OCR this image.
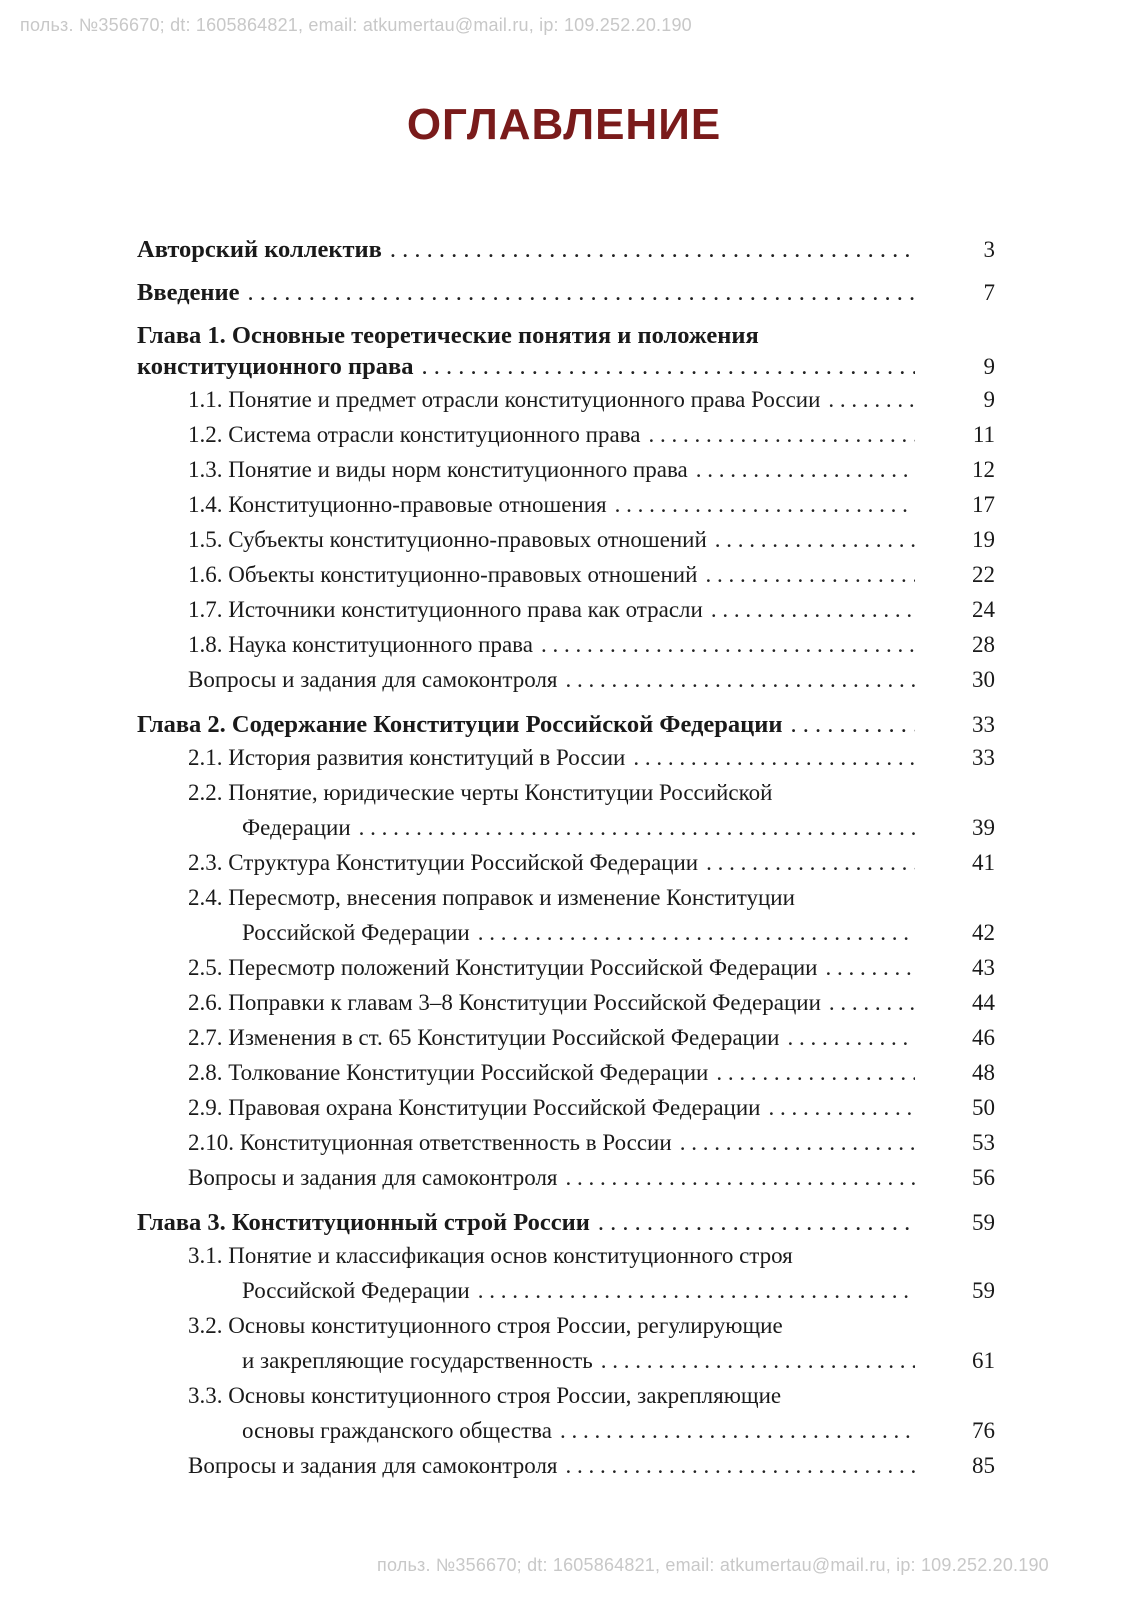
польз. №356670; dt: 1605864821, email: atkumertau@mail.ru, ip: 109.252.20.190
ОГЛАВЛЕНИЕ
Авторский коллектив . . .	3
Введение . . .	7
Глава 1. Основные теоретические понятия и положения
конституционного права . . .	9
1.1. Понятие и предмет отрасли конституционного права России . . .	9
1.2. Система отрасли конституционного права . . .	11
1.3. Понятие и виды норм конституционного права . . .	12
1.4. Конституционно-правовые отношения . . .	17
1.5. Субъекты конституционно-правовых отношений . . .	19
1.6. Объекты конституционно-правовых отношений . . .	22
1.7. Источники конституционного права как отрасли . . .	24
1.8. Наука конституционного права . . .	28
Вопросы и задания для самоконтроля . . .	30
Глава 2. Содержание Конституции Российской Федерации . . .	33
2.1. История развития конституций в России . . .	33
2.2. Понятие, юридические черты Конституции Российской
Федерации . . .	39
2.3. Структура Конституции Российской Федерации . . .	41
2.4. Пересмотр, внесения поправок и изменение Конституции
Российской Федерации . . .	42
2.5. Пересмотр положений Конституции Российской Федерации . . .	43
2.6. Поправки к главам 3–8 Конституции Российской Федерации . . .	44
2.7. Изменения в ст. 65 Конституции Российской Федерации . . .	46
2.8. Толкование Конституции Российской Федерации . . .	48
2.9. Правовая охрана Конституции Российской Федерации . . .	50
2.10. Конституционная ответственность в России . . .	53
Вопросы и задания для самоконтроля . . .	56
Глава 3. Конституционный строй России . . .	59
3.1. Понятие и классификация основ конституционного строя
Российской Федерации . . .	59
3.2. Основы конституционного строя России, регулирующие
и закрепляющие государственность . . .	61
3.3. Основы конституционного строя России, закрепляющие
основы гражданского общества . . .	76
Вопросы и задания для самоконтроля . . .	85
польз. №356670; dt: 1605864821, email: atkumertau@mail.ru, ip: 109.252.20.190
